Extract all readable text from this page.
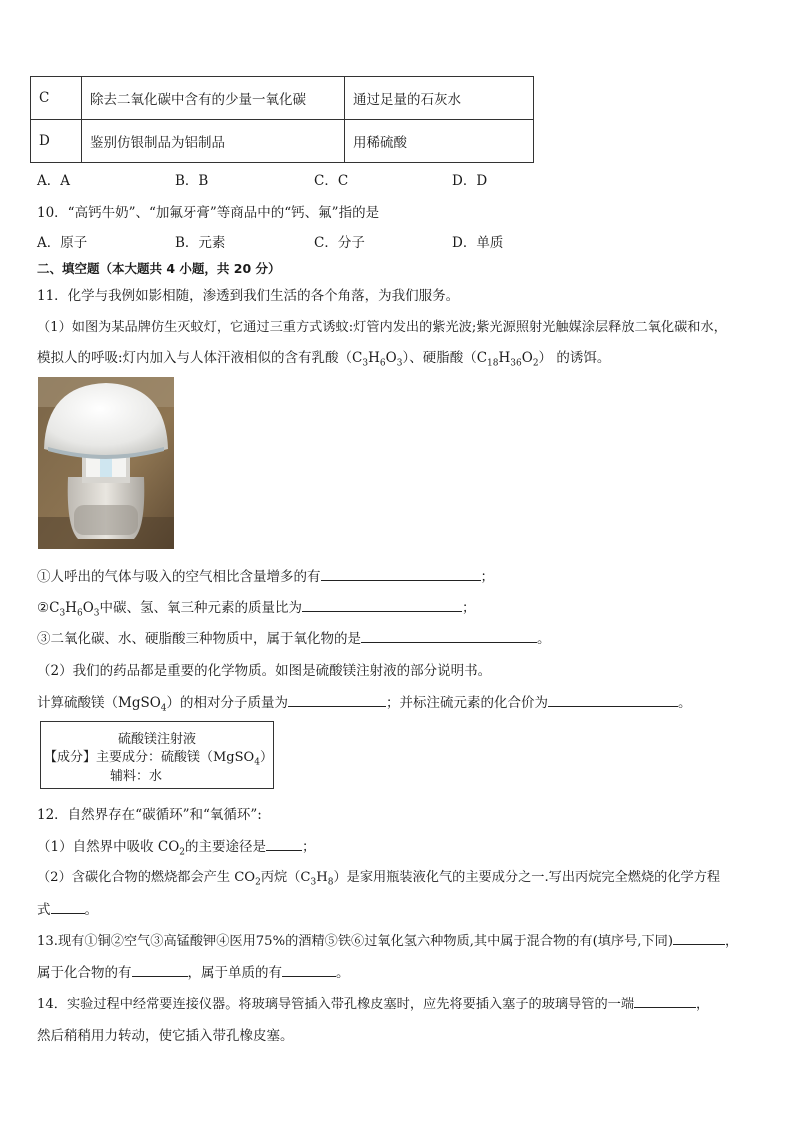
C	除去二氧化碳中含有的少量一氧化碳	通过足量的石灰水
D	鉴别仿银制品为铝制品	用稀硫酸
A．A	B．B	C．C	D．D
10．“高钙牛奶”、“加氟牙膏”等商品中的“钙、氟”指的是
A．原子	B．元素	C．分子	D．单质
二、填空题（本大题共 4 小题，共 20 分）
11．化学与我例如影相随，渗透到我们生活的各个角落，为我们服务。
（1）如图为某品牌仿生灭蚊灯，它通过三重方式诱蚊:灯管内发出的紫光波;紫光源照射光触媒涂层释放二氧化碳和水，
模拟人的呼吸:灯内加入与人体汗液相似的含有乳酸$(C_3H_6O_3)$、硬脂酸$(C_{18}H_{36}O_2)$ 的诱饵。
①人呼出的气体与吸入的空气相比含量增多的有	；
$②C_3H_6O_3$中碳、氢、氧三种元素的质量比为	；
③二氧化碳、水、硬脂酸三种物质中，属于氧化物的是	。
（2）我们的药品都是重要的化学物质。如图是硫酸镁注射液的部分说明书。
计算硫酸镁（MgSO$_4$）的相对分子质量为	；并标注硫元素的化合价为	。
硫酸镁注射液
【成分】主要成分：硫酸镁（MgSO$_4$）
辅料：水
12．自然界存在“碳循环”和“氧循环”:
（1）自然界中吸收 $CO_2$的主要途径是	；
（2）含碳化合物的燃烧都会产生 $CO_2$丙烷$(C_3H_8)$是家用瓶装液化气的主要成分之一.写出丙烷完全燃烧的化学方程
式	。
13.现有①铜②空气③高锰酸钾④医用75%的酒精⑤铁⑥过氧化氢六种物质,其中属于混合物的有(填序号,下同)	，
属于化合物的有	，属于单质的有	。
14．实验过程中经常要连接仪器。将玻璃导管插入带孔橡皮塞时，应先将要插入塞子的玻璃导管的一端	，
然后稍稍用力转动，使它插入带孔橡皮塞。
